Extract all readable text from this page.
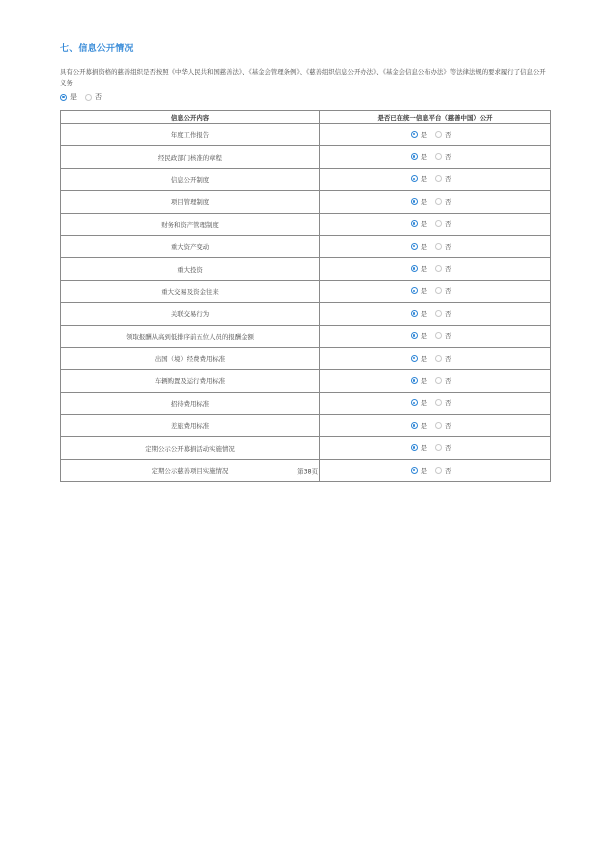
七、信息公开情况
具有公开募捐资格的慈善组织是否按照《中华人民共和国慈善法》、《基金会管理条例》、《慈善组织信息公开办法》、《基金会信息公布办法》等法律法规的要求履行了信息公开义务
是	否
信息公开内容	是否已在统一信息平台（慈善中国）公开
年度工作报告	是 否

经民政部门核准的章程	是 否

信息公开制度	是 否

项目管理制度	是 否

财务和资产管理制度	是 否

重大资产变动	是 否

重大投资	是 否

重大交易及资金往来	是 否

关联交易行为	是 否

领取报酬从高到低排序前五位人员的报酬金额	是 否

出国（境）经费费用标准	是 否

车辆购置及运行费用标准	是 否

招待费用标准	是 否

差旅费用标准	是 否

定期公示公开募捐活动实施情况	是 否

定期公示慈善项目实施情况 第38页	是 否
